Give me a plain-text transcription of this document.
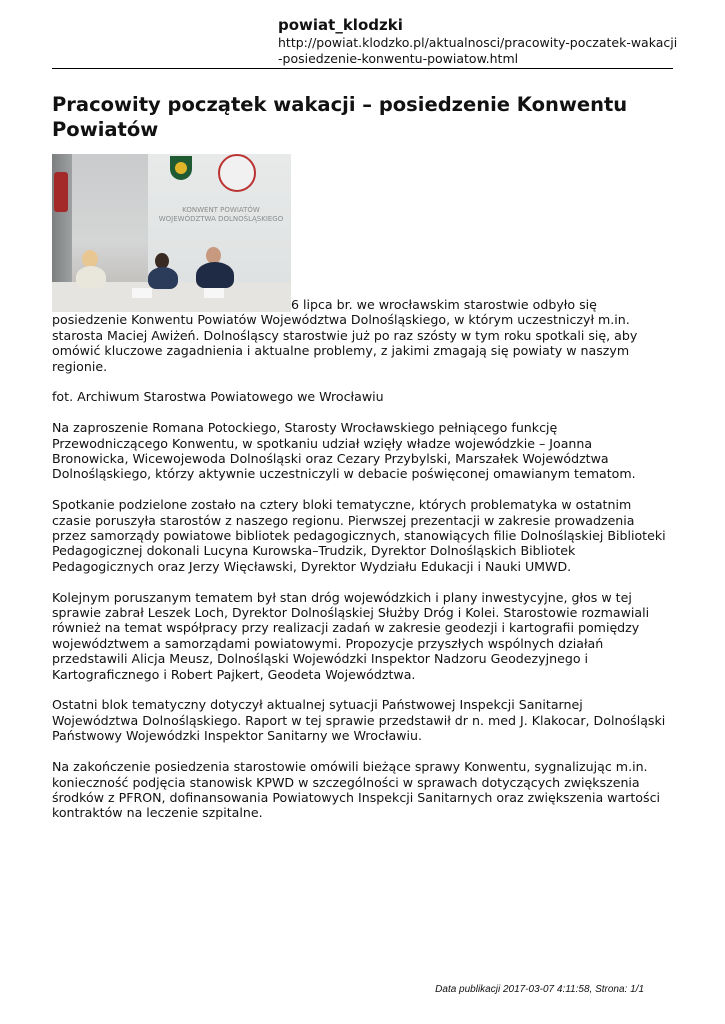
powiat_klodzki
http://powiat.klodzko.pl/aktualnosci/pracowity-poczatek-wakacji-posiedzenie-konwentu-powiatow.html
Pracowity początek wakacji – posiedzenie Konwentu Powiatów
KONWENT POWIATÓW WOJEWÓDZTWA DOLNOŚLĄSKIEGO

6 lipca br. we wrocławskim starostwie odbyło się posiedzenie Konwentu Powiatów Województwa Dolnośląskiego, w którym uczestniczył m.in. starosta Maciej Awiżeń. Dolnośląscy starostwie już po raz szósty w tym roku spotkali się, aby omówić kluczowe zagadnienia i aktualne problemy, z jakimi zmagają się powiaty w naszym regionie.

fot. Archiwum Starostwa Powiatowego we Wrocławiu

Na zaproszenie Romana Potockiego, Starosty Wrocławskiego pełniącego funkcję Przewodniczącego Konwentu, w spotkaniu udział wzięły władze wojewódzkie – Joanna Bronowicka, Wicewojewoda Dolnośląski oraz Cezary Przybylski, Marszałek Województwa Dolnośląskiego, którzy aktywnie uczestniczyli w debacie poświęconej omawianym tematom.

Spotkanie podzielone zostało na cztery bloki tematyczne, których problematyka w ostatnim czasie poruszyła starostów z naszego regionu. Pierwszej prezentacji w zakresie prowadzenia przez samorządy powiatowe bibliotek pedagogicznych, stanowiących filie Dolnośląskiej Biblioteki Pedagogicznej dokonali Lucyna Kurowska–Trudzik, Dyrektor Dolnośląskich Bibliotek Pedagogicznych oraz Jerzy Więcławski, Dyrektor Wydziału Edukacji i Nauki UMWD.

Kolejnym poruszanym tematem był stan dróg wojewódzkich i plany inwestycyjne, głos w tej sprawie zabrał Leszek Loch, Dyrektor Dolnośląskiej Służby Dróg i Kolei. Starostowie rozmawiali również na temat współpracy przy realizacji zadań w zakresie geodezji i kartografii pomiędzy województwem a samorządami powiatowymi. Propozycje przyszłych wspólnych działań przedstawili Alicja Meusz, Dolnośląski Wojewódzki Inspektor Nadzoru Geodezyjnego i Kartograficznego i Robert Pajkert, Geodeta Województwa.

Ostatni blok tematyczny dotyczył aktualnej sytuacji Państwowej Inspekcji Sanitarnej Województwa Dolnośląskiego. Raport w tej sprawie przedstawił dr n. med J. Klakocar, Dolnośląski Państwowy Wojewódzki Inspektor Sanitarny we Wrocławiu.

Na zakończenie posiedzenia starostowie omówili bieżące sprawy Konwentu, sygnalizując m.in. konieczność podjęcia stanowisk KPWD w szczególności w sprawach dotyczących zwiększenia środków z PFRON, dofinansowania Powiatowych Inspekcji Sanitarnych oraz zwiększenia wartości kontraktów na leczenie szpitalne.

Data publikacji 2017-03-07 4:11:58, Strona: 1/1
